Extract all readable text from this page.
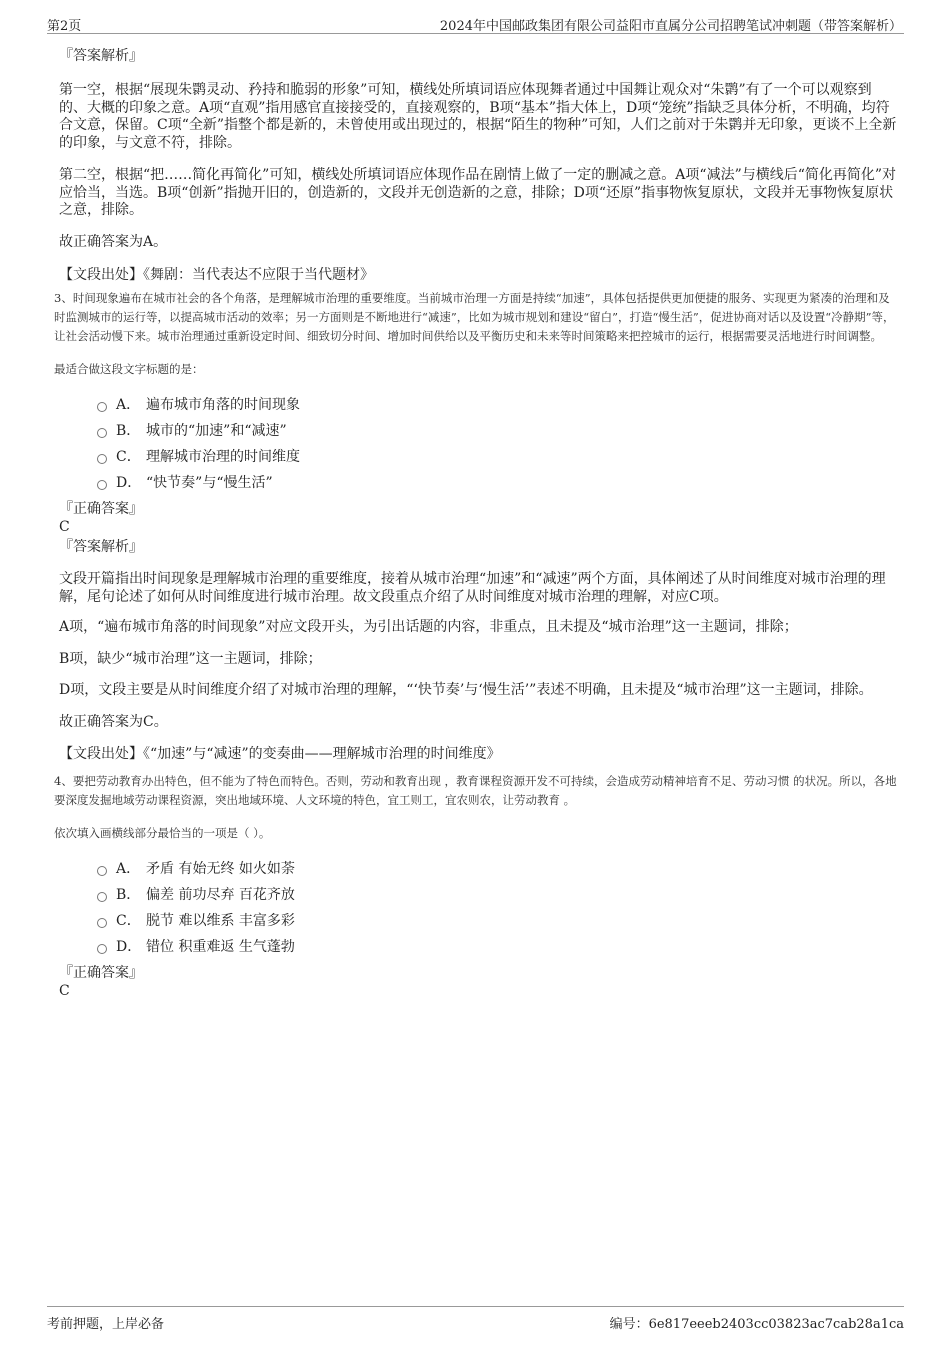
第2页	2024年中国邮政集团有限公司益阳市直属分公司招聘笔试冲刺题（带答案解析）
『答案解析』

第一空，根据“展现朱鹮灵动、矜持和脆弱的形象”可知，横线处所填词语应体现舞者通过中国舞让观众对“朱鹮”有了一个可以观察到的、大概的印象之意。A项“直观”指用感官直接接受的，直接观察的，B项“基本”指大体上，D项“笼统”指缺乏具体分析，不明确，均符合文意，保留。C项“全新”指整个都是新的，未曾使用或出现过的，根据“陌生的物种”可知，人们之前对于朱鹮并无印象，更谈不上全新的印象，与文意不符，排除。

第二空，根据“把……简化再简化”可知，横线处所填词语应体现作品在剧情上做了一定的删减之意。A项“减法”与横线后“简化再简化”对应恰当，当选。B项“创新”指抛开旧的，创造新的，文段并无创造新的之意，排除；D项“还原”指事物恢复原状，文段并无事物恢复原状之意，排除。

故正确答案为A。

【文段出处】《舞剧：当代表达不应限于当代题材》

3、时间现象遍布在城市社会的各个角落，是理解城市治理的重要维度。当前城市治理一方面是持续“加速”，具体包括提供更加便捷的服务、实现更为紧凑的治理和及时监测城市的运行等，以提高城市活动的效率；另一方面则是不断地进行“减速”，比如为城市规划和建设“留白”，打造“慢生活”，促进协商对话以及设置“冷静期”等，让社会活动慢下来。城市治理通过重新设定时间、细致切分时间、增加时间供给以及平衡历史和未来等时间策略来把控城市的运行，根据需要灵活地进行时间调整。

最适合做这段文字标题的是：

A． 遍布城市角落的时间现象
B． 城市的“加速”和“减速”
C． 理解城市治理的时间维度
D． “快节奏”与“慢生活”
『正确答案』
C
『答案解析』

文段开篇指出时间现象是理解城市治理的重要维度，接着从城市治理“加速”和“减速”两个方面，具体阐述了从时间维度对城市治理的理解，尾句论述了如何从时间维度进行城市治理。故文段重点介绍了从时间维度对城市治理的理解，对应C项。

A项，“遍布城市角落的时间现象”对应文段开头，为引出话题的内容，非重点，且未提及“城市治理”这一主题词，排除；

B项，缺少“城市治理”这一主题词，排除；

D项，文段主要是从时间维度介绍了对城市治理的理解，“‘快节奏’与‘慢生活’”表述不明确，且未提及“城市治理”这一主题词，排除。

故正确答案为C。

【文段出处】《“加速”与“减速”的变奏曲——理解城市治理的时间维度》

4、要把劳动教育办出特色，但不能为了特色而特色。否则，劳动和教育出现 ，教育课程资源开发不可持续，会造成劳动精神培育不足、劳动习惯 的状况。所以，各地要深度发掘地域劳动课程资源，突出地域环境、人文环境的特色，宜工则工，宜农则农，让劳动教育 。

依次填入画横线部分最恰当的一项是（ ）。

A． 矛盾 有始无终 如火如荼
B． 偏差 前功尽弃 百花齐放
C． 脱节 难以维系 丰富多彩
D． 错位 积重难返 生气蓬勃
『正确答案』
C
考前押题，上岸必备	编号：6e817eeeb2403cc03823ac7cab28a1ca
